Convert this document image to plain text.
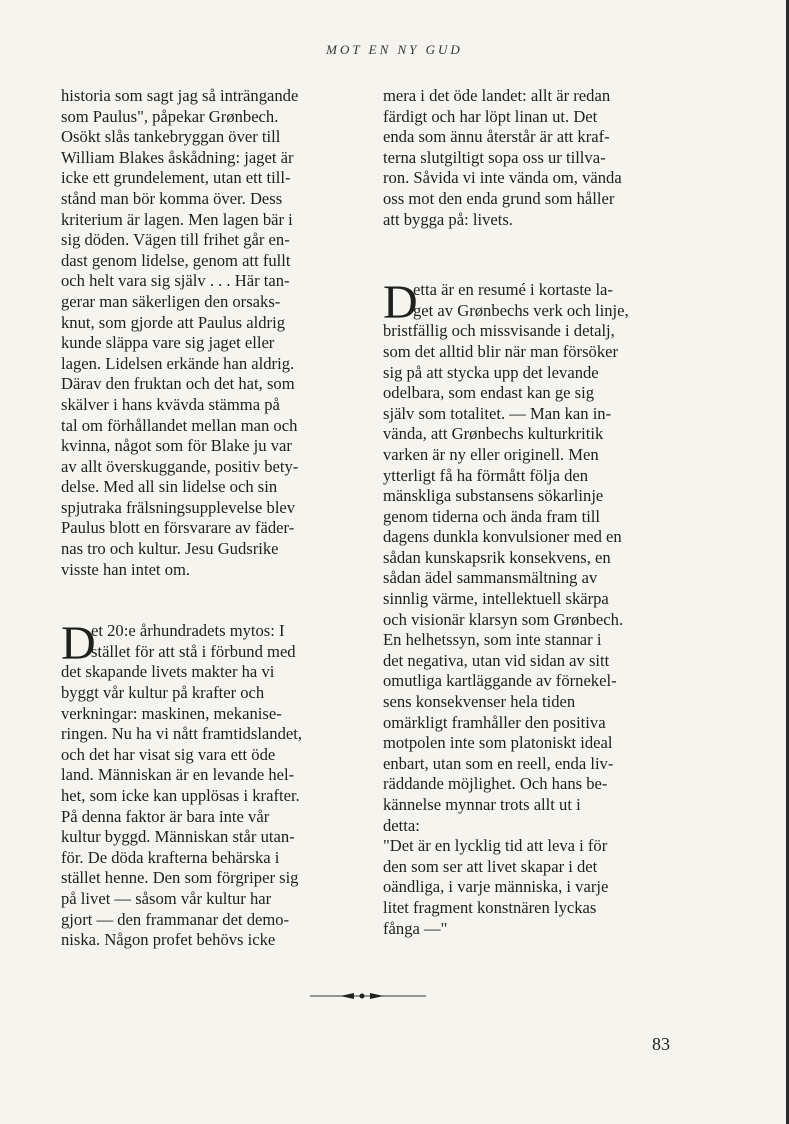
MOT EN NY GUD
historia som sagt jag så inträngande
som Paulus", påpekar Grønbech.
Osökt slås tankebryggan över till
William Blakes åskådning: jaget är
icke ett grundelement, utan ett till-
stånd man bör komma över. Dess
kriterium är lagen. Men lagen bär i
sig döden. Vägen till frihet går en-
dast genom lidelse, genom att fullt
och helt vara sig själv . . . Här tan-
gerar man säkerligen den orsaks-
knut, som gjorde att Paulus aldrig
kunde släppa vare sig jaget eller
lagen. Lidelsen erkände han aldrig.
Därav den fruktan och det hat, som
skälver i hans kvävda stämma på
tal om förhållandet mellan man och
kvinna, något som för Blake ju var
av allt överskuggande, positiv bety-
delse. Med all sin lidelse och sin
spjutraka frälsningsupplevelse blev
Paulus blott en försvarare av fäder-
nas tro och kultur. Jesu Gudsrike
visste han intet om.
D
et 20:e århundradets mytos: I
stället för att stå i förbund med
det skapande livets makter ha vi
byggt vår kultur på krafter och
verkningar: maskinen, mekanise-
ringen. Nu ha vi nått framtidslandet,
och det har visat sig vara ett öde
land. Människan är en levande hel-
het, som icke kan upplösas i krafter.
På denna faktor är bara inte vår
kultur byggd. Människan står utan-
för. De döda krafterna behärska i
stället henne. Den som förgriper sig
på livet — såsom vår kultur har
gjort — den frammanar det demo-
niska. Någon profet behövs icke
mera i det öde landet: allt är redan
färdigt och har löpt linan ut. Det
enda som ännu återstår är att kraf-
terna slutgiltigt sopa oss ur tillva-
ron. Såvida vi inte vända om, vända
oss mot den enda grund som håller
att bygga på: livets.
D
etta är en resumé i kortaste la-
get av Grønbechs verk och linje,
bristfällig och missvisande i detalj,
som det alltid blir när man försöker
sig på att stycka upp det levande
odelbara, som endast kan ge sig
själv som totalitet. — Man kan in-
vända, att Grønbechs kulturkritik
varken är ny eller originell. Men
ytterligt få ha förmått följa den
mänskliga substansens sökarlinje
genom tiderna och ända fram till
dagens dunkla konvulsioner med en
sådan kunskapsrik konsekvens, en
sådan ädel sammansmältning av
sinnlig värme, intellektuell skärpa
och visionär klarsyn som Grønbech.
En helhetssyn, som inte stannar i
det negativa, utan vid sidan av sitt
omutliga kartläggande av förnekel-
sens konsekvenser hela tiden
omärkligt framhåller den positiva
motpolen inte som platoniskt ideal
enbart, utan som en reell, enda liv-
räddande möjlighet. Och hans be-
kännelse mynnar trots allt ut i
detta:
"Det är en lycklig tid att leva i för
den som ser att livet skapar i det
oändliga, i varje människa, i varje
litet fragment konstnären lyckas
fånga —"
83
